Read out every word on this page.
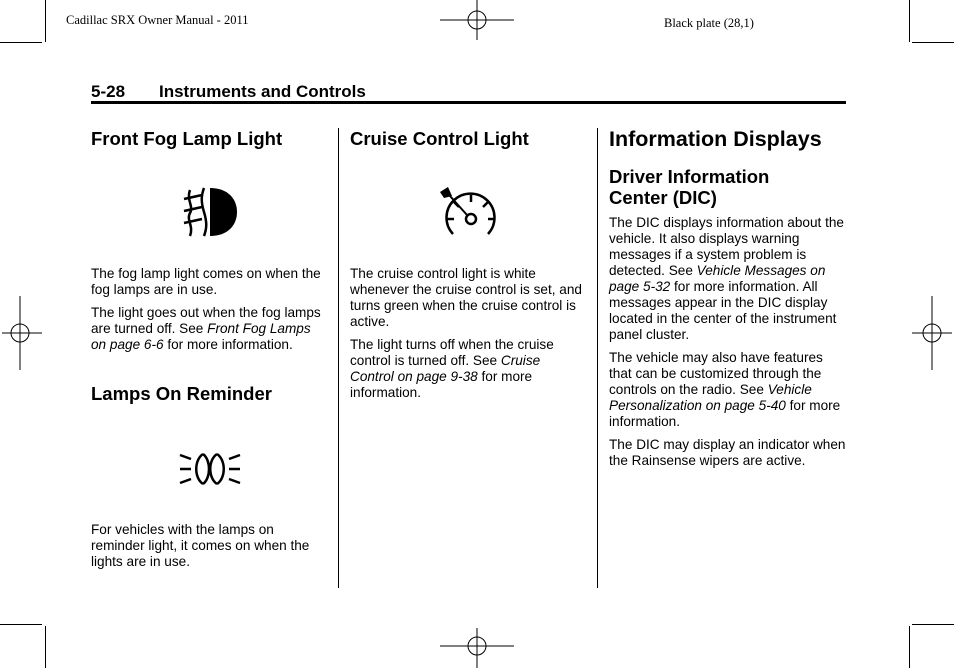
Cadillac SRX Owner Manual - 2011	Black plate (28,1)
5-28 Instruments and Controls
Front Fog Lamp Light
The fog lamp light comes on when the fog lamps are in use.
The light goes out when the fog lamps are turned off. See Front Fog Lamps on page 6-6 for more information.
Lamps On Reminder
For vehicles with the lamps on reminder light, it comes on when the lights are in use.
Cruise Control Light
The cruise control light is white whenever the cruise control is set, and turns green when the cruise control is active.
The light turns off when the cruise control is turned off. See Cruise Control on page 9-38 for more information.
Information Displays
Driver Information Center (DIC)
The DIC displays information about the vehicle. It also displays warning messages if a system problem is detected. See Vehicle Messages on page 5-32 for more information. All messages appear in the DIC display located in the center of the instrument panel cluster.
The vehicle may also have features that can be customized through the controls on the radio. See Vehicle Personalization on page 5-40 for more information.
The DIC may display an indicator when the Rainsense wipers are active.
